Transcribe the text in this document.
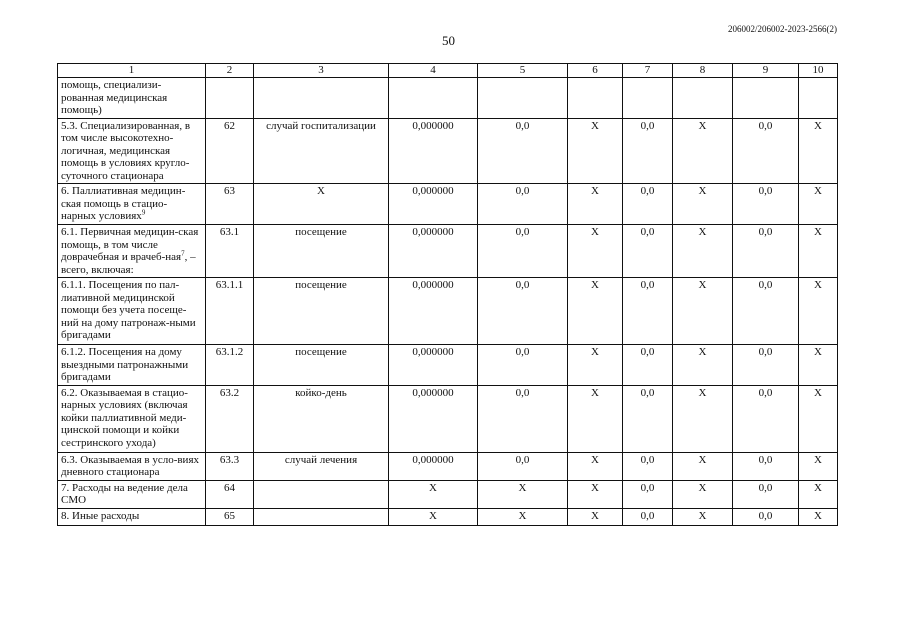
50
206002/206002-2023-2566(2)
1	2	3	4	5	6	7	8	9	10
помощь, специализи-рованная медицинская помощь)									
5.3. Специализированная, в том числе высокотехно-логичная, медицинская помощь в условиях кругло-суточного стационара	62	случай госпитализации	0,000000	0,0	X	0,0	X	0,0	X
6. Паллиативная медицин-ская помощь в стацио-нарных условиях$^9$	63	X	0,000000	0,0	X	0,0	X	0,0	X
6.1. Первичная медицин-ская помощь, в том числе доврачебная и врачеб-ная$^7$, – всего, включая:	63.1	посещение	0,000000	0,0	X	0,0	X	0,0	X
6.1.1. Посещения по пал-лиативной медицинской помощи без учета посеще-ний на дому патронаж-ными бригадами	63.1.1	посещение	0,000000	0,0	X	0,0	X	0,0	X
6.1.2. Посещения на дому выездными патронажными бригадами	63.1.2	посещение	0,000000	0,0	X	0,0	X	0,0	X
6.2. Оказываемая в стацио-нарных условиях (включая койки паллиативной меди-цинской помощи и койки сестринского ухода)	63.2	койко-день	0,000000	0,0	X	0,0	X	0,0	X
6.3. Оказываемая в усло-виях дневного стационара	63.3	случай лечения	0,000000	0,0	X	0,0	X	0,0	X
7. Расходы на ведение дела СМО	64		X	X	X	0,0	X	0,0	X
8. Иные расходы	65		X	X	X	0,0	X	0,0	X
